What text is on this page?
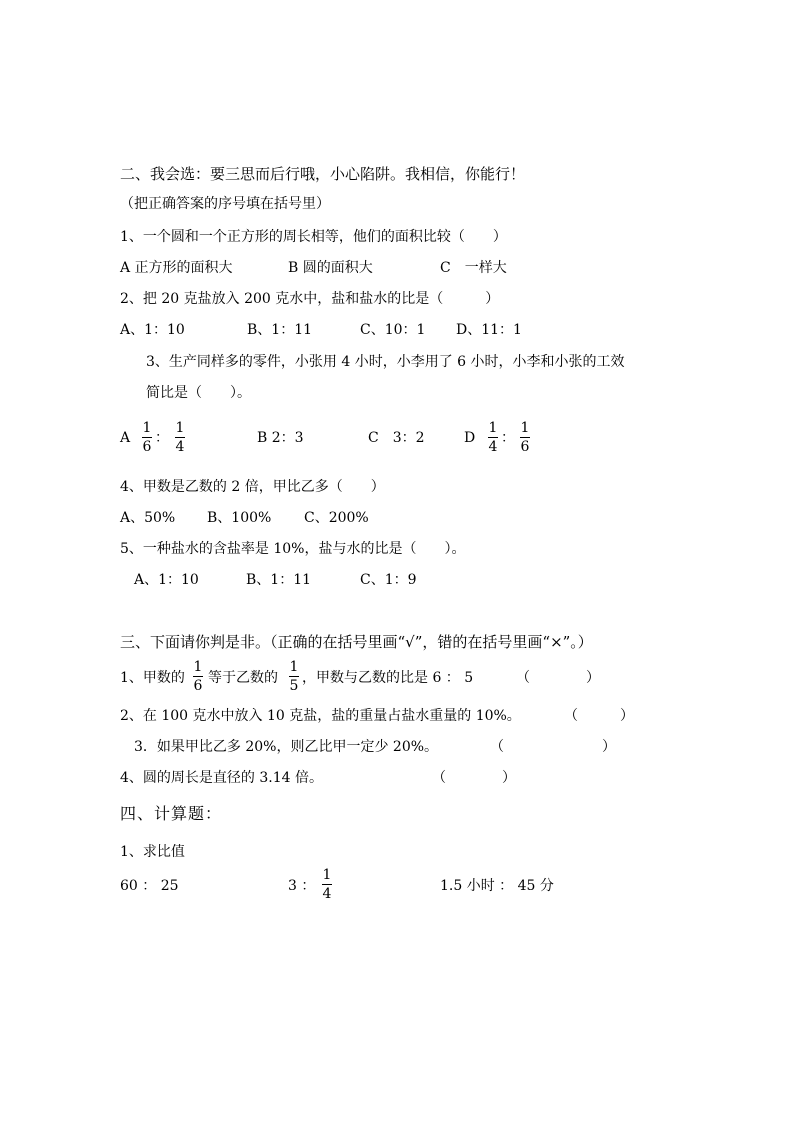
二、我会选：要三思而后行哦，小心陷阱。我相信，你能行！
（把正确答案的序号填在括号里）
1、一个圆和一个正方形的周长相等，他们的面积比较（　　）
A 正方形的面积大	B 圆的面积大	C　一样大
2、把 20 克盐放入 200 克水中，盐和盐水的比是（　　　）
A、1：10	B、1：11	C、10：1 D、11：1
3、生产同样多的零件，小张用 4 小时，小李用了 6 小时，小李和小张的工效
简比是（　　）。
A
1
6
：
1
4
B 2：3	C　3：2	D
1
4
：
1
6
4、甲数是乙数的 2 倍，甲比乙多（　　）
A、50% B、100% C、200%
5、一种盐水的含盐率是 10%，盐与水的比是（　　）。
A、1：10	B、1：11	C、1：9
三、下面请你判是非。（正确的在括号里画“√”，错的在括号里画“×”。）
1、甲数的
1
6 等于乙数的
1
5 ，甲数与乙数的比是 6 ： 5	（　　　　）
2、在 100 克水中放入 10 克盐，盐的重量占盐水重量的 10%。	（　　　）
3．如果甲比乙多 20%，则乙比甲一定少 20%。	（　　　　　　　）
4、圆的周长是直径的 3.14 倍。	（　　　　）
四、计算题：
1、求比值
60 ： 25	3 ：
1
4	1.5 小时 ： 45 分
